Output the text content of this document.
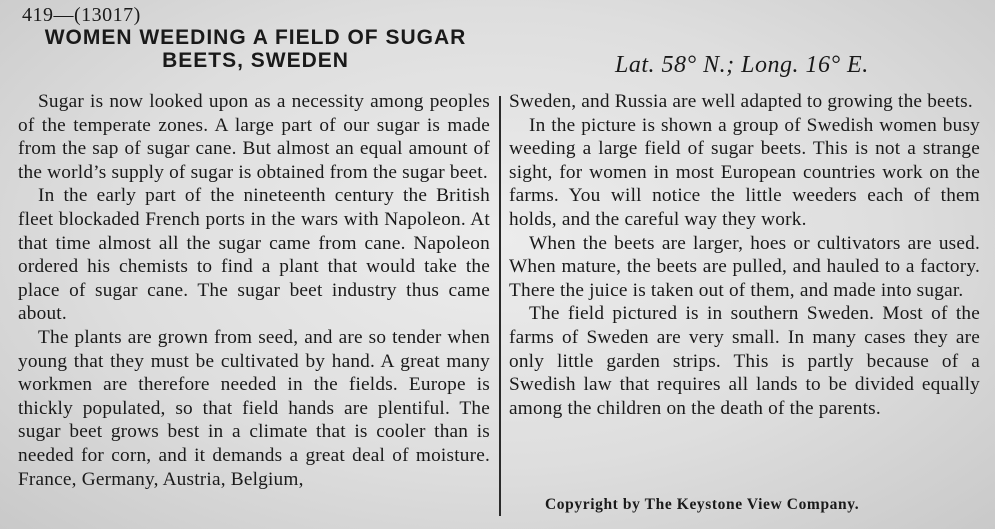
419—(13017)
WOMEN WEEDING A FIELD OF SUGAR BEETS, SWEDEN	Lat. 58° N.; Long. 16° E.

Sugar is now looked upon as a necessity among peoples of the temperate zones. A large part of our sugar is made from the sap of sugar cane. But almost an equal amount of the world’s supply of sugar is obtained from the sugar beet.

In the early part of the nineteenth century the British fleet blockaded French ports in the wars with Napoleon. At that time almost all the sugar came from cane. Napoleon ordered his chemists to find a plant that would take the place of sugar cane. The sugar beet industry thus came about.

The plants are grown from seed, and are so tender when young that they must be cultivated by hand. A great many workmen are therefore needed in the fields. Europe is thickly populated, so that field hands are plentiful. The sugar beet grows best in a climate that is cooler than is needed for corn, and it demands a great deal of moisture. France, Germany, Austria, Belgium,

Sweden, and Russia are well adapted to growing the beets.

In the picture is shown a group of Swedish women busy weeding a large field of sugar beets. This is not a strange sight, for women in most European countries work on the farms. You will notice the little weeders each of them holds, and the careful way they work.

When the beets are larger, hoes or cultivators are used. When mature, the beets are pulled, and hauled to a factory. There the juice is taken out of them, and made into sugar.

The field pictured is in southern Sweden. Most of the farms of Sweden are very small. In many cases they are only little garden strips. This is partly because of a Swedish law that requires all lands to be divided equally among the children on the death of the parents.

Copyright by The Keystone View Company.
